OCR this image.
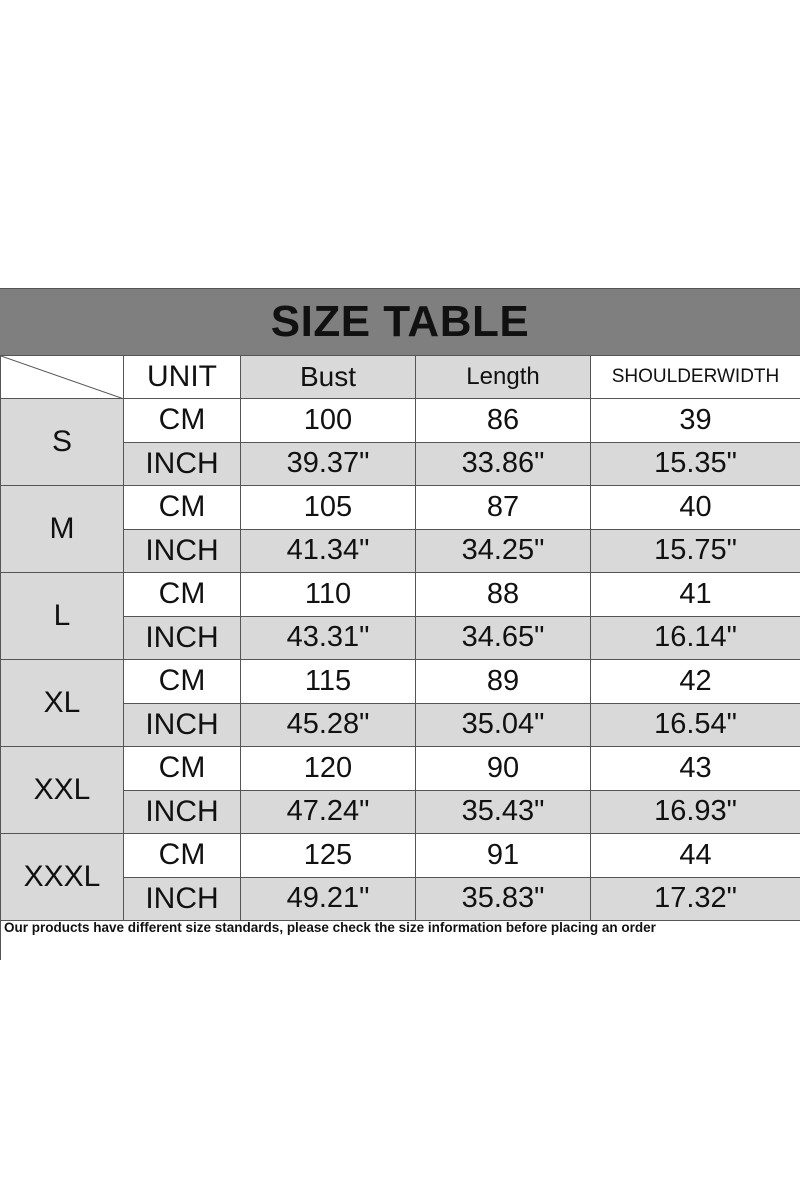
SIZE TABLE
	UNIT	Bust	Length	SHOULDERWIDTH
S	CM	100	86	39
	INCH	39.37"	33.86"	15.35"
M	CM	105	87	40
	INCH	41.34"	34.25"	15.75"
L	CM	110	88	41
	INCH	43.31"	34.65"	16.14"
XL	CM	115	89	42
	INCH	45.28"	35.04"	16.54"
XXL	CM	120	90	43
	INCH	47.24"	35.43"	16.93"
XXXL	CM	125	91	44
	INCH	49.21"	35.83"	17.32"
Our products have different size standards, please check the size information before placing an order
